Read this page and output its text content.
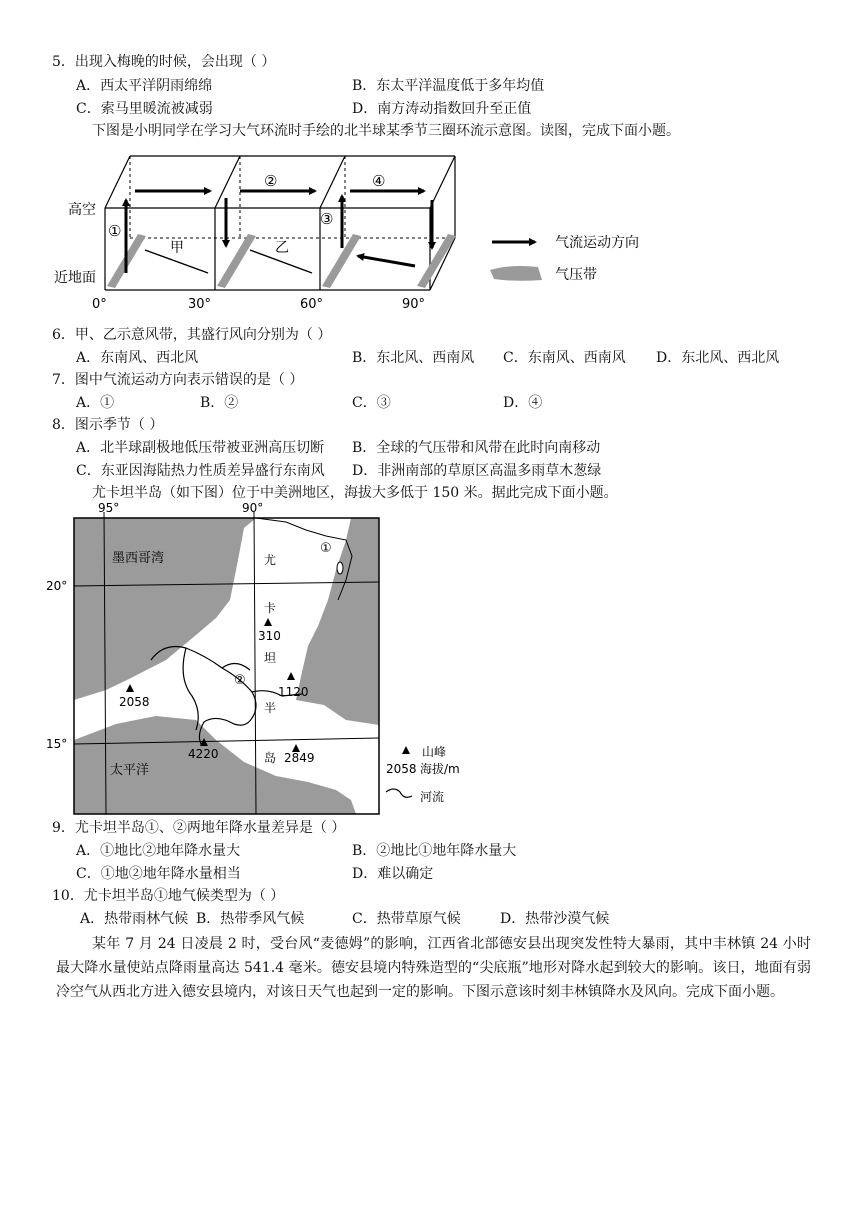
5．出现入梅晚的时候，会出现（ ）
A．西太平洋阴雨绵绵	B．东太平洋温度低于多年均值
C．索马里暖流被减弱	D．南方涛动指数回升至正值
下图是小明同学在学习大气环流时手绘的北半球某季节三圈环流示意图。读图，完成下面小题。
高空
近地面
0°	30°	60°	90°
①
②
③
④
甲	乙	气流运动方向
气压带
6．甲、乙示意风带，其盛行风向分别为（ ）
A．东南风、西北风	B．东北风、西南风 C．东南风、西南风 D．东北风、西北风
7．图中气流运动方向表示错误的是（ ）
A．①	B．②	C．③	D．④
8．图示季节（ ）
A．北半球副极地低压带被亚洲高压切断 B．全球的气压带和风带在此时向南移动
C．东亚因海陆热力性质差异盛行东南风 D．非洲南部的草原区高温多雨草木葱绿
尤卡坦半岛（如下图）位于中美洲地区，海拔大多低于 150 米。据此完成下面小题。
95°	90°
20°
15°
墨西哥湾
太平洋
尤
卡
坦
半
岛
①
②
310
1120
2058
4220	2849	山峰
2058 海拔/m
河流
9．尤卡坦半岛①、②两地年降水量差异是（ ）
A．①地比②地年降水量大	B．②地比①地年降水量大
C．①地②地年降水量相当	D．难以确定
10．尤卡坦半岛①地气候类型为（ ）
A．热带雨林气候 B．热带季风气候	C．热带草原气候	D．热带沙漠气候
某年 7 月 24 日凌晨 2 时，受台风“麦德姆”的影响，江西省北部德安县出现突发性特大暴雨，其中丰林镇 24 小时最大降水量使站点降雨量高达 541.4 毫米。德安县境内特殊造型的“尖底瓶”地形对降水起到较大的影响。该日，地面有弱冷空气从西北方进入德安县境内，对该日天气也起到一定的影响。下图示意该时刻丰林镇降水及风向。完成下面小题。
